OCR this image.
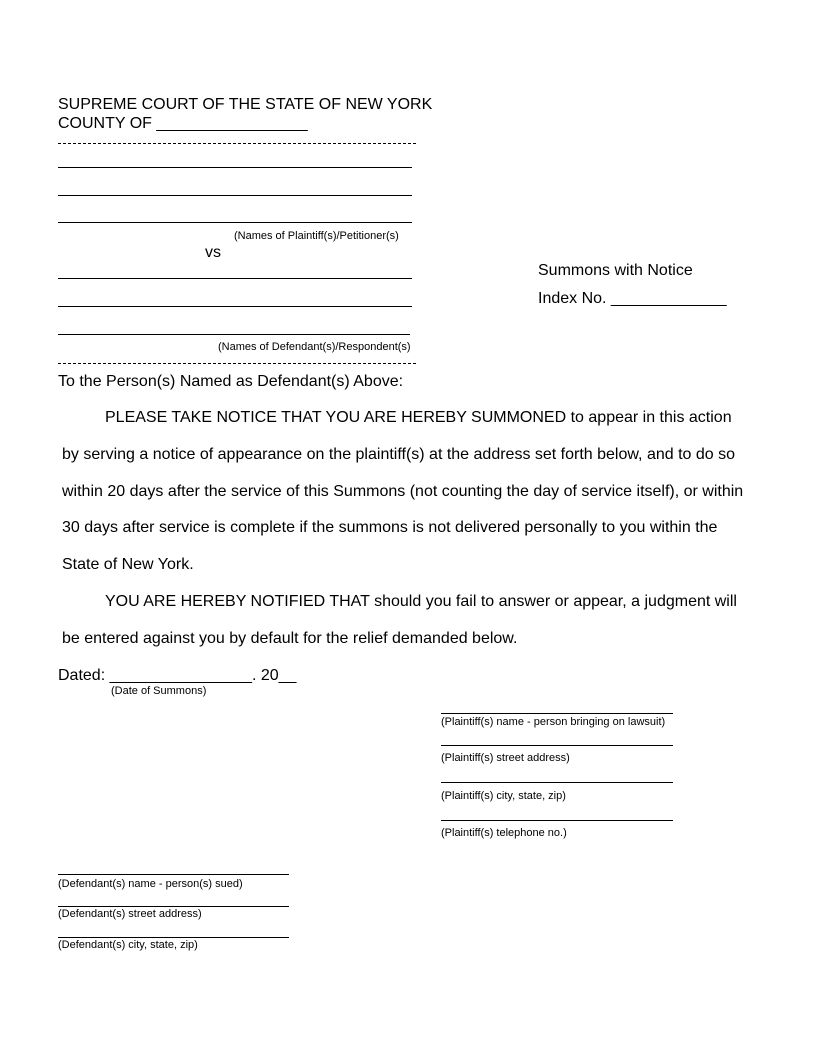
SUPREME COURT OF THE STATE OF NEW YORK
COUNTY OF _________________
(Names of Plaintiff(s)/Petitioner(s)
vs
(Names of Defendant(s)/Respondent(s)
Summons with Notice
Index No. _____________
To the Person(s) Named as Defendant(s) Above:
PLEASE TAKE NOTICE THAT YOU ARE HEREBY SUMMONED to appear in this action
by serving a notice of appearance on the plaintiff(s) at the address set forth below, and to do so
within 20 days after the service of this Summons (not counting the day of service itself), or within
30 days after service is complete if the summons is not delivered personally to you within the
State of New York.
YOU ARE HEREBY NOTIFIED THAT should you fail to answer or appear, a judgment will
be entered against you by default for the relief demanded below.
Dated: ________________. 20__
(Date of Summons)
(Plaintiff(s) name - person bringing on lawsuit)
(Plaintiff(s) street address)
(Plaintiff(s) city, state, zip)
(Plaintiff(s) telephone no.)
(Defendant(s) name - person(s) sued)
(Defendant(s) street address)
(Defendant(s) city, state, zip)
